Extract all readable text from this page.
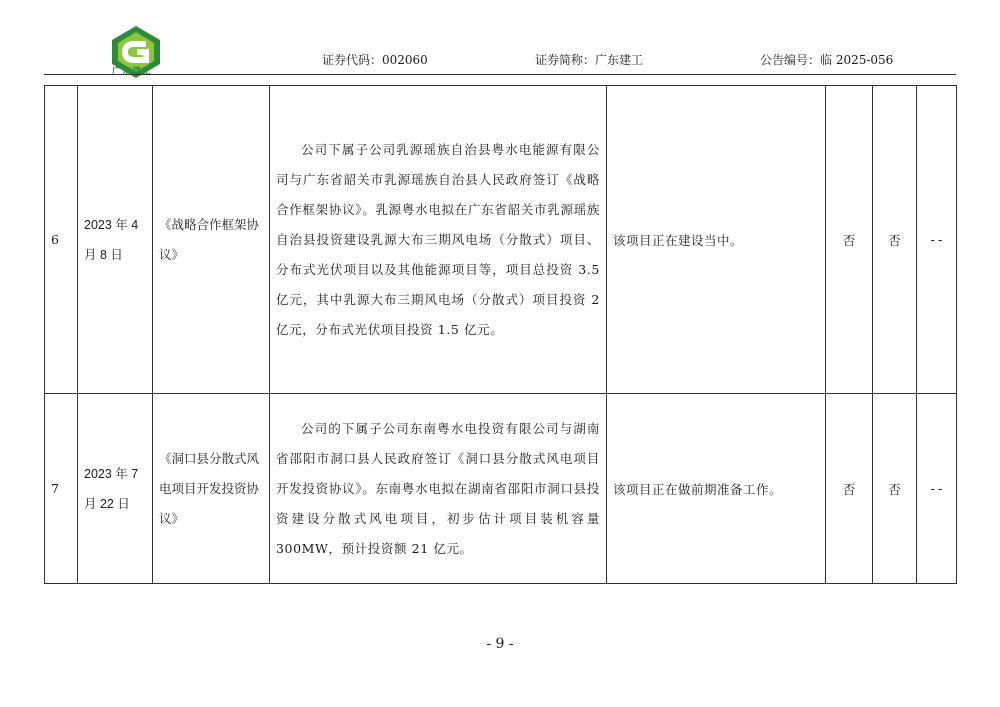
广东建工
证券代码：002060	证券简称：广东建工	公告编号：临 2025-056
6	2023 年 4 月 8 日	《战略合作框架协议》	公司下属子公司乳源瑶族自治县粤水电能源有限公司与广东省韶关市乳源瑶族自治县人民政府签订《战略合作框架协议》。乳源粤水电拟在广东省韶关市乳源瑶族自治县投资建设乳源大布三期风电场（分散式）项目、分布式光伏项目以及其他能源项目等，项目总投资 3.5 亿元，其中乳源大布三期风电场（分散式）项目投资 2 亿元，分布式光伏项目投资 1.5 亿元。	该项目正在建设当中。	否	否	--
7	2023 年 7 月 22 日	《洞口县分散式风电项目开发投资协议》	公司的下属子公司东南粤水电投资有限公司与湖南省邵阳市洞口县人民政府签订《洞口县分散式风电项目开发投资协议》。东南粤水电拟在湖南省邵阳市洞口县投资建设分散式风电项目，初步估计项目装机容量 300MW，预计投资额 21 亿元。	该项目正在做前期准备工作。	否	否	--
- 9 -
